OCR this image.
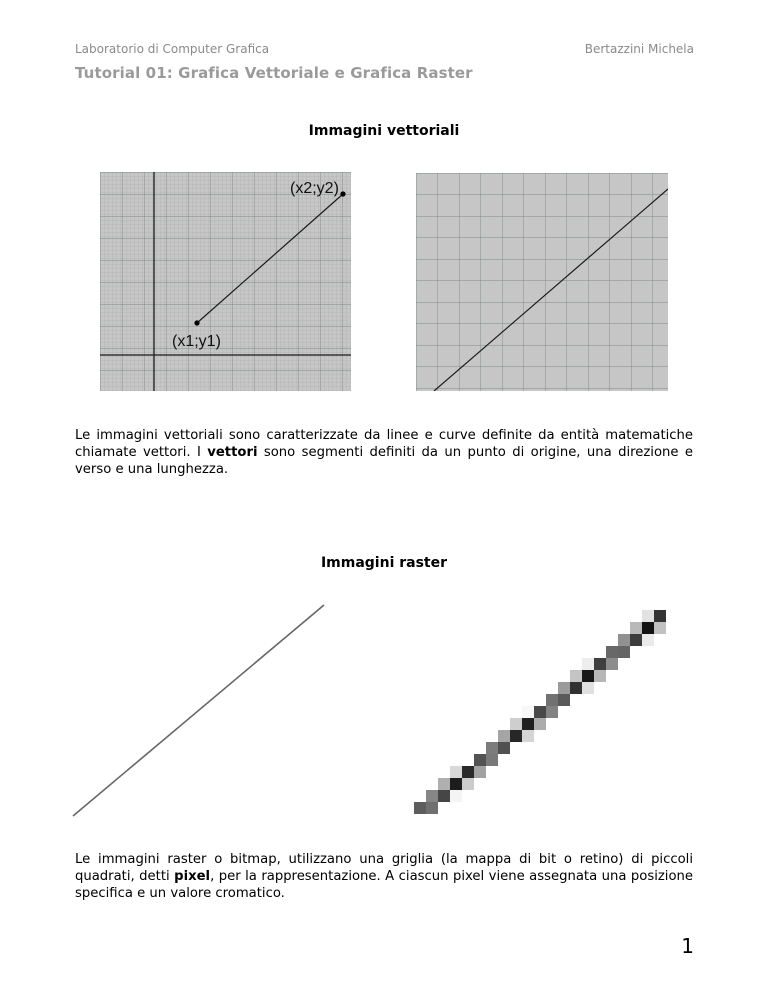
Laboratorio di Computer Grafica	Bertazzini Michela
Tutorial 01: Grafica Vettoriale e Grafica Raster
Immagini vettoriali
(x2;y2)
(x1;y1)
Le immagini vettoriali sono caratterizzate da linee e curve definite da entità matematiche chiamate vettori. I vettori sono segmenti definiti da un punto di origine, una direzione e verso e una lunghezza.
Immagini raster
Le immagini raster o bitmap, utilizzano una griglia (la mappa di bit o retino) di piccoli quadrati, detti pixel, per la rappresentazione. A ciascun pixel viene assegnata una posizione specifica e un valore cromatico.
1
